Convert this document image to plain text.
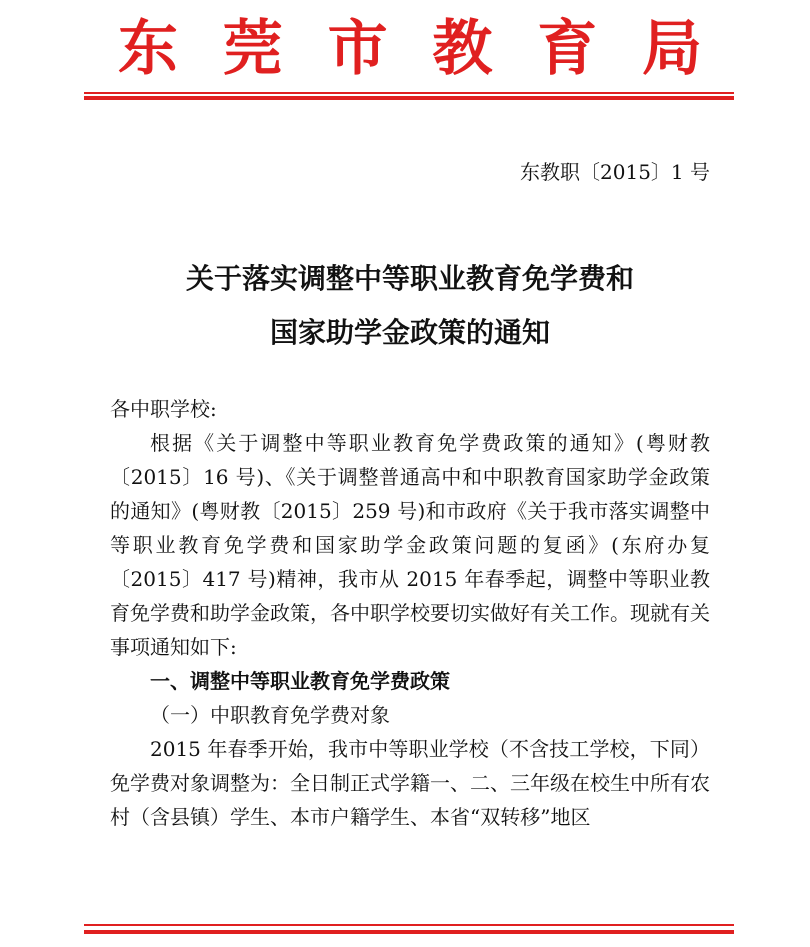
东 莞 市 教 育 局
东教职〔2015〕1 号
关于落实调整中等职业教育免学费和
国家助学金政策的通知

各中职学校:

根据《关于调整中等职业教育免学费政策的通知》(粤财教〔2015〕16 号)、《关于调整普通高中和中职教育国家助学金政策的通知》(粤财教〔2015〕259 号)和市政府《关于我市落实调整中等职业教育免学费和国家助学金政策问题的复函》(东府办复〔2015〕417 号)精神，我市从 2015 年春季起，调整中等职业教育免学费和助学金政策，各中职学校要切实做好有关工作。现就有关事项通知如下:

一、调整中等职业教育免学费政策

（一）中职教育免学费对象

2015 年春季开始，我市中等职业学校（不含技工学校，下同）免学费对象调整为：全日制正式学籍一、二、三年级在校生中所有农村（含县镇）学生、本市户籍学生、本省“双转移”地区
